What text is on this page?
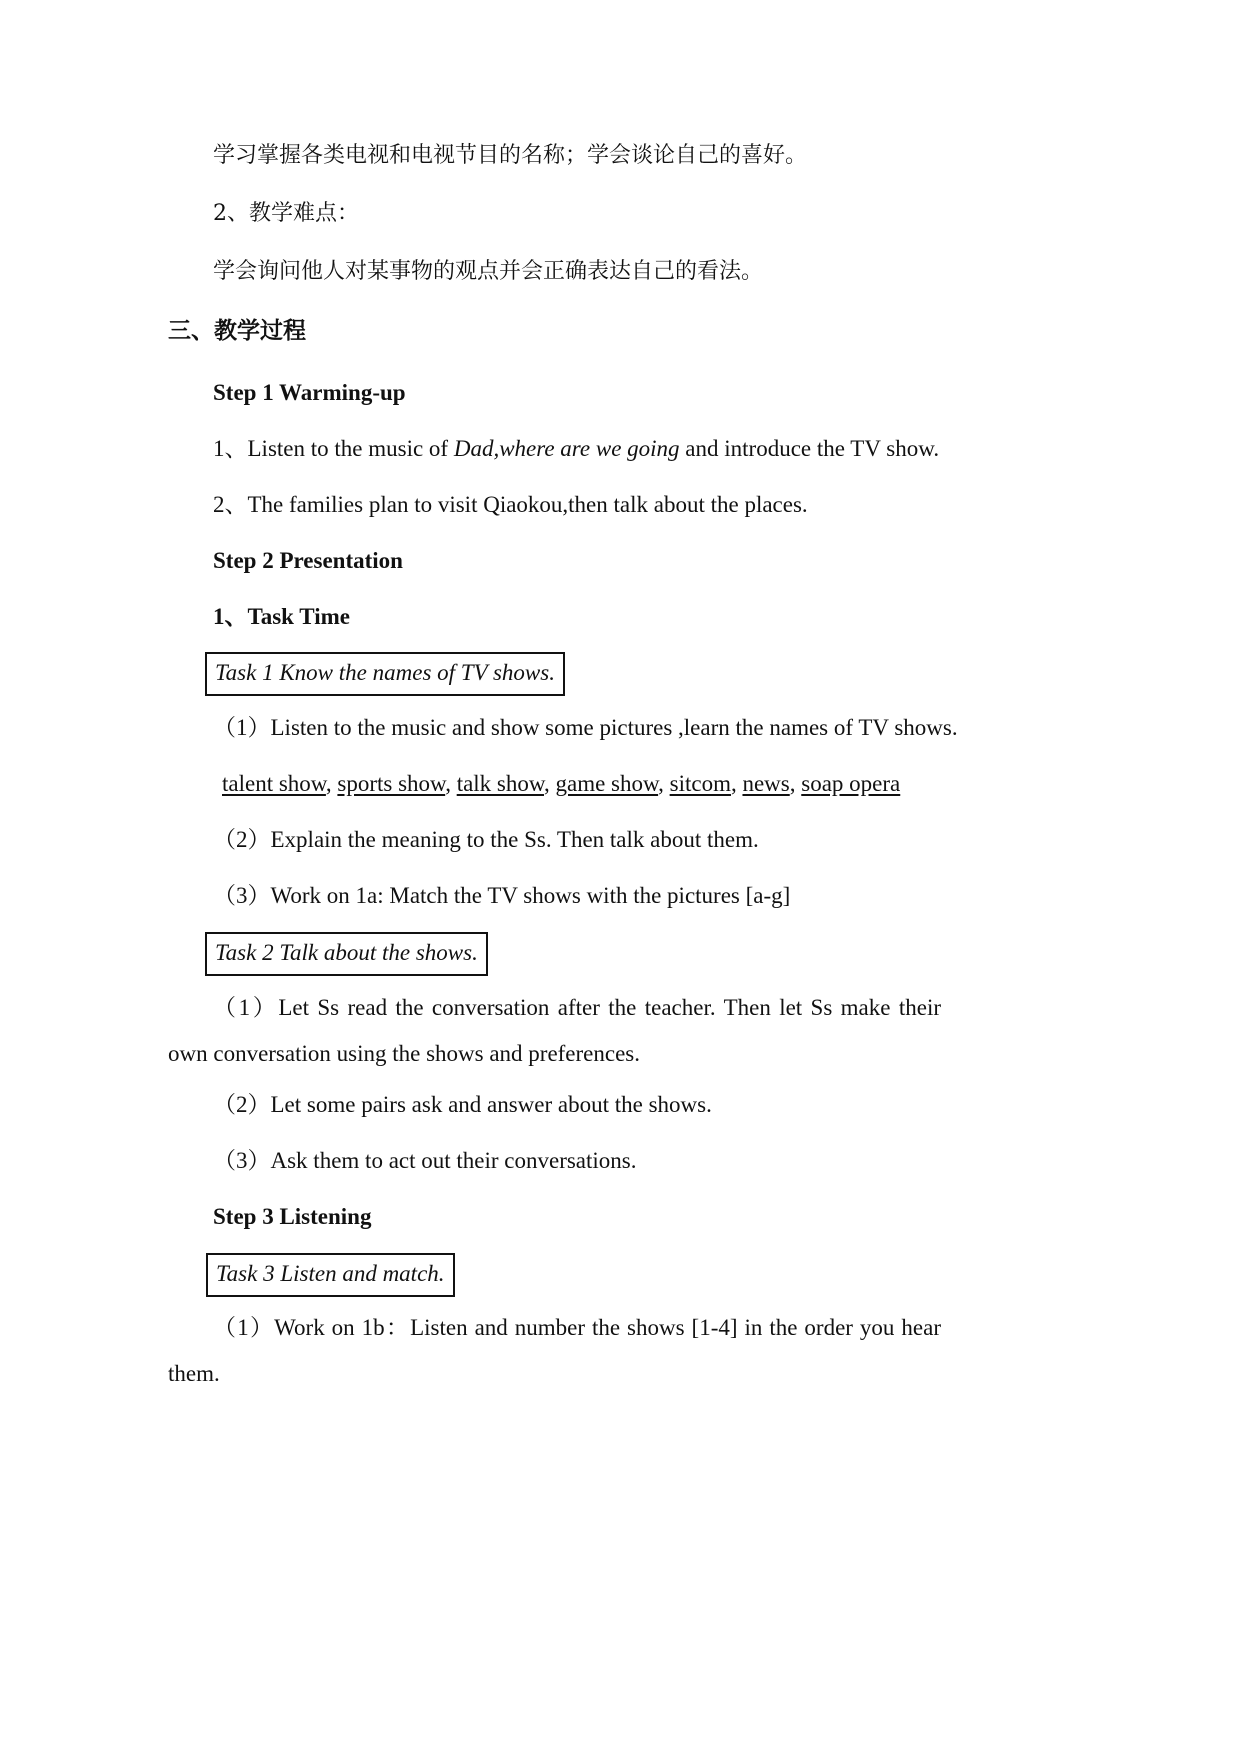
学习掌握各类电视和电视节目的名称；学会谈论自己的喜好。
2、教学难点：
学会询问他人对某事物的观点并会正确表达自己的看法。
三、教学过程
Step 1 Warming-up
1、Listen to the music of Dad,where are we going and introduce the TV show.
2、The families plan to visit Qiaokou,then talk about the places.
Step 2 Presentation
1、Task Time
Task 1 Know the names of TV shows.
（1）Listen to the music and show some pictures ,learn the names of TV shows.
talent show, sports show, talk show, game show, sitcom, news, soap opera
（2）Explain the meaning to the Ss. Then talk about them.
（3）Work on 1a: Match the TV shows with the pictures [a-g]
Task 2 Talk about the shows.
（1）Let Ss read the conversation after the teacher. Then let Ss make their own conversation using the shows and preferences.
（2）Let some pairs ask and answer about the shows.
（3）Ask them to act out their conversations.
Step 3 Listening
Task 3 Listen and match.
（1）Work on 1b：Listen and number the shows [1-4] in the order you hear them.
